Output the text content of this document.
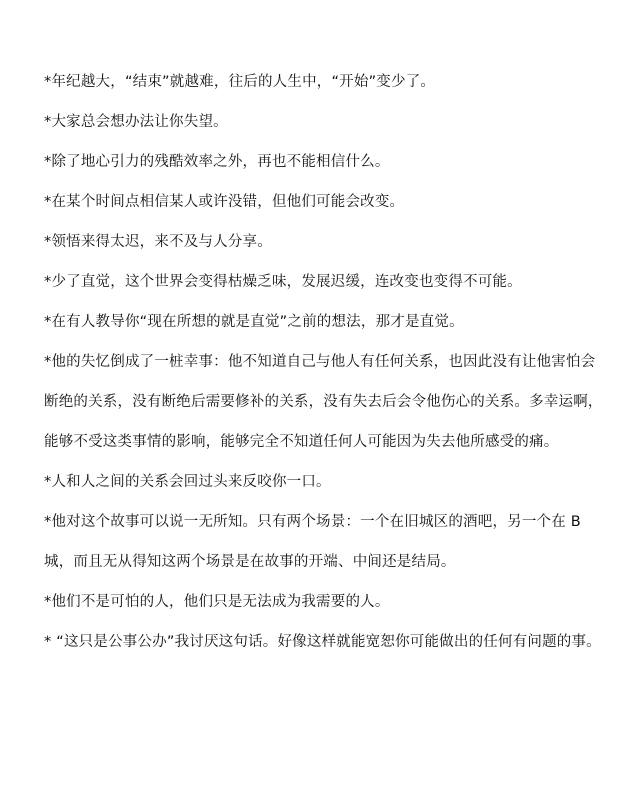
*年纪越大，“结束”就越难，往后的人生中，“开始”变少了。

*大家总会想办法让你失望。

*除了地心引力的残酷效率之外，再也不能相信什么。

*在某个时间点相信某人或许没错，但他们可能会改变。

*领悟来得太迟，来不及与人分享。

*少了直觉，这个世界会变得枯燥乏味，发展迟缓，连改变也变得不可能。

*在有人教导你“现在所想的就是直觉”之前的想法，那才是直觉。

*他的失忆倒成了一桩幸事：他不知道自己与他人有任何关系，也因此没有让他害怕会断绝的关系，没有断绝后需要修补的关系，没有失去后会令他伤心的关系。多幸运啊，能够不受这类事情的影响，能够完全不知道任何人可能因为失去他所感受的痛。

*人和人之间的关系会回过头来反咬你一口。

*他对这个故事可以说一无所知。只有两个场景：一个在旧城区的酒吧，另一个在 B 城，而且无从得知这两个场景是在故事的开端、中间还是结局。

*他们不是可怕的人，他们只是无法成为我需要的人。

* “这只是公事公办”我讨厌这句话。好像这样就能宽恕你可能做出的任何有问题的事。
